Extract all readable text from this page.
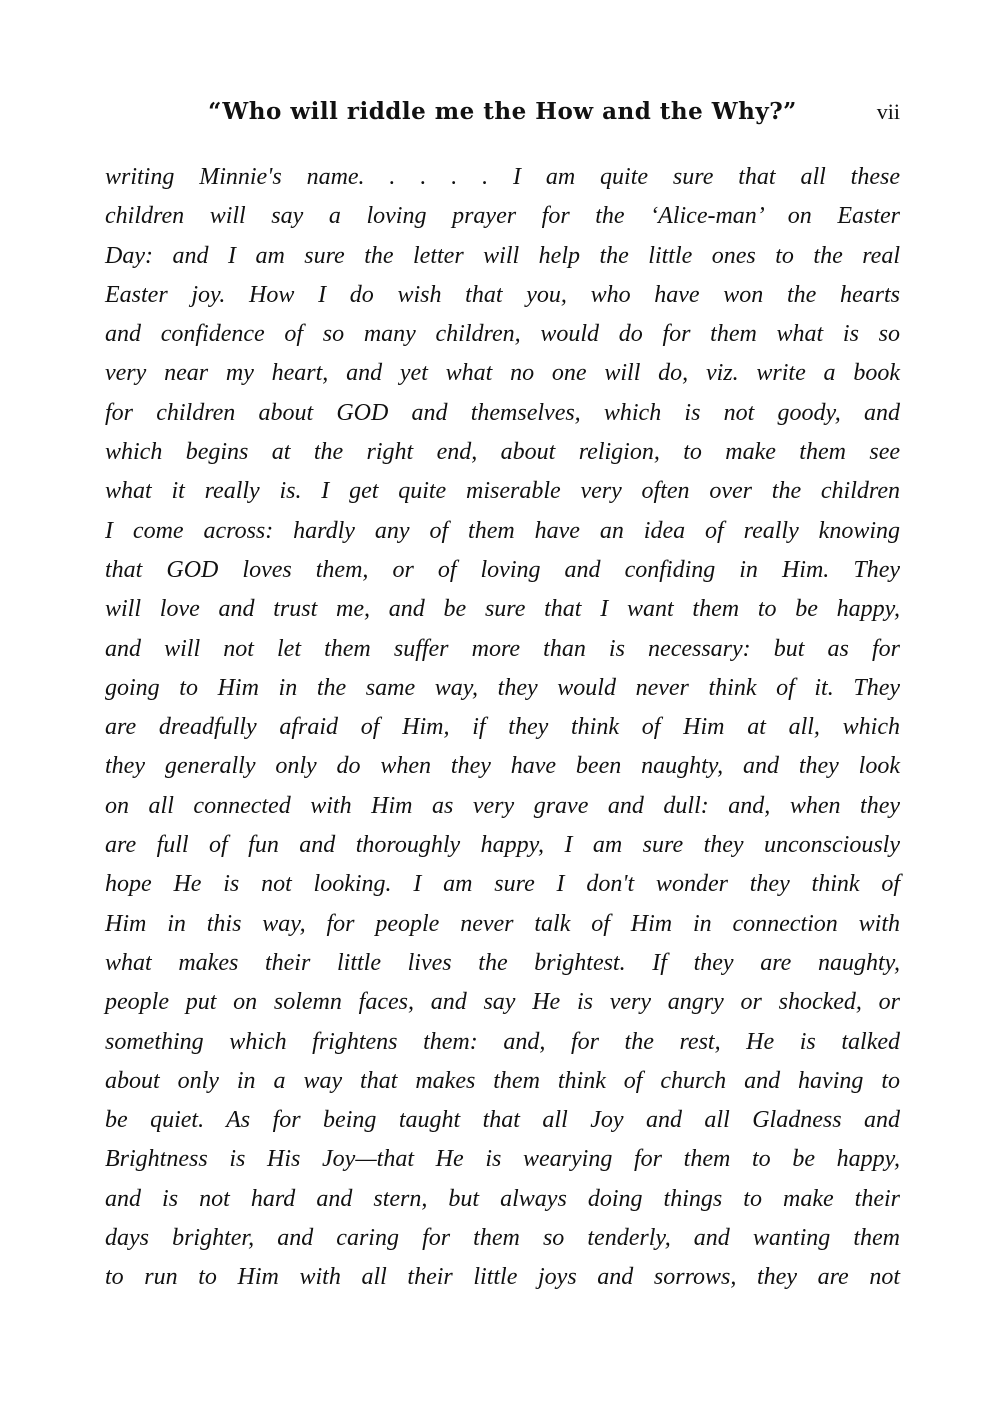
“Who will riddle me the How and the Why?”	vii
writing Minnie's name. . . . . I am quite sure that all these
children will say a loving prayer for the ‘Alice-man’ on Easter
Day: and I am sure the letter will help the little ones to the real
Easter joy. How I do wish that you, who have won the hearts
and confidence of so many children, would do for them what is so
very near my heart, and yet what no one will do, viz. write a book
for children about GOD and themselves, which is not goody, and
which begins at the right end, about religion, to make them see
what it really is. I get quite miserable very often over the children
I come across: hardly any of them have an idea of really knowing
that GOD loves them, or of loving and confiding in Him. They
will love and trust me, and be sure that I want them to be happy,
and will not let them suffer more than is necessary: but as for
going to Him in the same way, they would never think of it. They
are dreadfully afraid of Him, if they think of Him at all, which
they generally only do when they have been naughty, and they look
on all connected with Him as very grave and dull: and, when they
are full of fun and thoroughly happy, I am sure they unconsciously
hope He is not looking. I am sure I don't wonder they think of
Him in this way, for people never talk of Him in connection with
what makes their little lives the brightest. If they are naughty,
people put on solemn faces, and say He is very angry or shocked, or
something which frightens them: and, for the rest, He is talked
about only in a way that makes them think of church and having to
be quiet. As for being taught that all Joy and all Gladness and
Brightness is His Joy—that He is wearying for them to be happy,
and is not hard and stern, but always doing things to make their
days brighter, and caring for them so tenderly, and wanting them
to run to Him with all their little joys and sorrows, they are not
